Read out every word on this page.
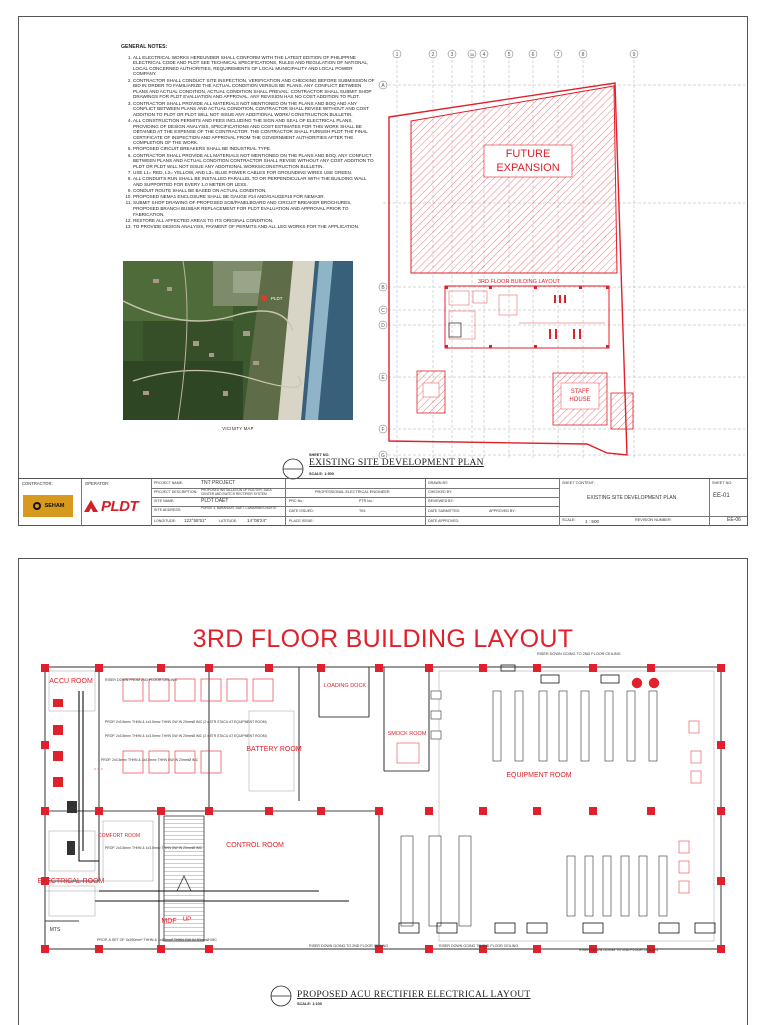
GENERAL NOTES:
1. ALL ELECTRICAL WORKS HEREUNDER SHALL CONFORM WITH THE LATEST EDITION OF PHILIPPINE ELECTRICAL CODE AND PLDT SEE TECHNICAL SPECIFICATIONS, RULES AND REGULATION OF NATIONAL, LOCAL CONCERNED AUTHORITIES, REQUIREMENTS OF LOCAL MUNICIPALITY AND LOCAL POWER COMPANY.
2. CONTRACTOR SHALL CONDUCT SITE INSPECTION, VERIFICATION AND CHECKING BEFORE SUBMISSION OF BID IN ORDER TO FAMILIARIZE THE ACTUAL CONDITION VERSUS BE PLANS. ANY CONFLICT BETWEEN PLANS AND ACTUAL CONDITION, ACTUAL CONDITION SHALL PREVAIL. CONTRACTOR SHALL SUBMIT SHOP DRAWINGS FOR PLDT EVALUATION AND APPROVAL. ANY REVISION HAS NO COST ADDITION TO PLDT.
3. CONTRACTOR SHALL PROVIDE ALL MATERIALS NOT MENTIONED ON THE PLANS AND BOQ AND ANY CONFLICT BETWEEN PLANS AND ACTUAL CONDITION, CONTRACTOR SHALL REVISE WITHOUT AND COST ADDITION TO PLDT OR PLDT WILL NOT ISSUE ANY ADDITIONAL WORK/ CONSTRUCTION BULLETIN.
4. ALL CONSTRUCTION PERMITS AND FEES INCLUDING THE SIGN AND SEAL OF ELECTRICAL PLANS, PROVIDING OF DESIGN ANALYSIS, SPECIFICATIONS AND COST ESTIMATES FOR THIS WORK SHALL BE OBTAINED AT THE EXPENSE OF THE CONTRACTOR. THE CONTRACTOR SHALL FURNISH PLDT THE FINAL CERTIFICATE OF INSPECTION AND APPROVAL FROM THE GOVERNMENT AUTHORITIES AFTER THE COMPLETION OF THE WORK.
5. PROPOSED CIRCUIT BREAKERS SHALL BE INDUSTRIAL TYPE.
6. CONTRACTOR SHALL PROVIDE ALL MATERIALS NOT MENTIONED ON THE PLANS AND BOQ. ANY CONFLICT BETWEEN PLANS AND ACTUAL CONDITION CONTRACTOR SHALL REVISE WITHOUT ANY COST ADDITION TO PLDT OR PLDT WILL NOT ISSUE ANY ADDITIONAL WORKS/CONSTRUCTION BULLETIN.
7. USE L1= RED, L2= YELLOW, AND L3= BLUE POWER CABLES FOR GROUNDING WIRES USE GREEN.
8. ALL CONDUITS RUN SHALL BE INSTALLED PARALLEL TO OR PERPENDICULAR WITH THE BUILDING WALL AND SUPPORTED FOR EVERY 1.0 METER OR LESS.
9. CONDUIT ROUTE SHALL BE BASED ON ACTUAL CONDITION.
10. PROPOSED NEMA1 ENCLOSURE SHALL BE GAUGE #14 AND/GAUGE#16 FOR NEMA3R.
11. SUBMIT SHOP DRAWING OF PROPOSED SCB/PANELBOARD AND CIRCUIT BREAKER BROCHURES, PROPOSED BRANCH BUSBAR REPLACEMENT FOR PLDT EVALUATION AND APPROVAL PRIOR TO FABRICATION.
12. RESTORE ALL AFFECTED AREAS TO ITS ORIGINAL CONDITION.
13. TO PROVIDE DESIGN ANALYSIS, PAYMENT OF PERMITS AND ALL LEG WORKS FOR THE APPLICATION.
PLDT
VICINITY MAP
1	2	3	3A 4	5	6	7	8	9
A
B
C
D
E
F
G
FUTURE
EXPANSION
3RD FLOOR BUILDING LAYOUT
STAFF
HOUSE
SHEET NO.
EXISTING SITE DEVELOPMENT PLAN
SCALE: 1:500
CONTRACTOR:	OPERATOR:
SEHAM PLDT
PROJECT NAME:	TNT PROJECT
PROJECT DESCRIPTION: PROPOSED INSTALLATION OF ROUTER, DATA CENTER AND SWITCH RECTIFIER SYSTEM
SITE NAME:	PLDT DAET
SITE ADDRESS:	PUROK 3, BARANGAY, DAET, CAMARINES NORTE
LONGITUDE: 122°58'51"	LATITUDE: 14°08'24"
PROFESSIONAL ELECTRICAL ENGINEER
PRC No.:	PTR No.:
DATE ISSUED:	TIN:
PLACE ISSUE:
DRAWN BY:
CHECKED BY:
REVIEWED BY:
DATE SUBMITTED:	APPROVED BY:
DATE APPROVED:
SHEET CONTENT:
EXISTING SITE DEVELOPMENT PLAN
SCALE: 1 : 500	REVISION NUMBER:
SHEET NO.
EE-01
EE-06
3RD FLOOR BUILDING LAYOUT
RISER DOWN GOING TO 2ND FLOOR CEILING
RISER DOWN GOING TO 2ND FLOOR CEILING	RISER DOWN GOING TO 2ND FLOOR CEILING
RISER DOWN GOING TO 2ND FLOOR CEILING
RISER DOWN FROM 2ND FLOOR CEILING
PROP. 2x3.5mm² THHN & 1x3.5mm² THHN GW IN 20mmØ IMC (2 x 3TR STACU AT EQUIPMENT ROOM)
PROP. 2x3.5mm² THHN & 1x3.5mm² THHN GW IN 20mmØ IMC (2 x 5TR STACU AT EQUIPMENT ROOM)
PROP. 2x3.5mm² THHN & 1x3.5mm² THHN GW IN 20mmØ IMC
PROP. 2x3.5mm² THHN & 1x3.5mm² THHN GW IN 20mmØ IMC
PROP. A SET OF 3x250mm² THHN & 1x60mm² THHN GW IN 80mmØ IMC
ACCU ROOM
LOADING DOCK
BATTERY ROOM
SMOCK ROOM
EQUIPMENT ROOM
COMFORT ROOM
CONTROL ROOM
ELECTRICAL ROOM
MDF UP
MTS
PROPOSED ACU RECTIFIER ELECTRICAL LAYOUT
SCALE: 1:100
